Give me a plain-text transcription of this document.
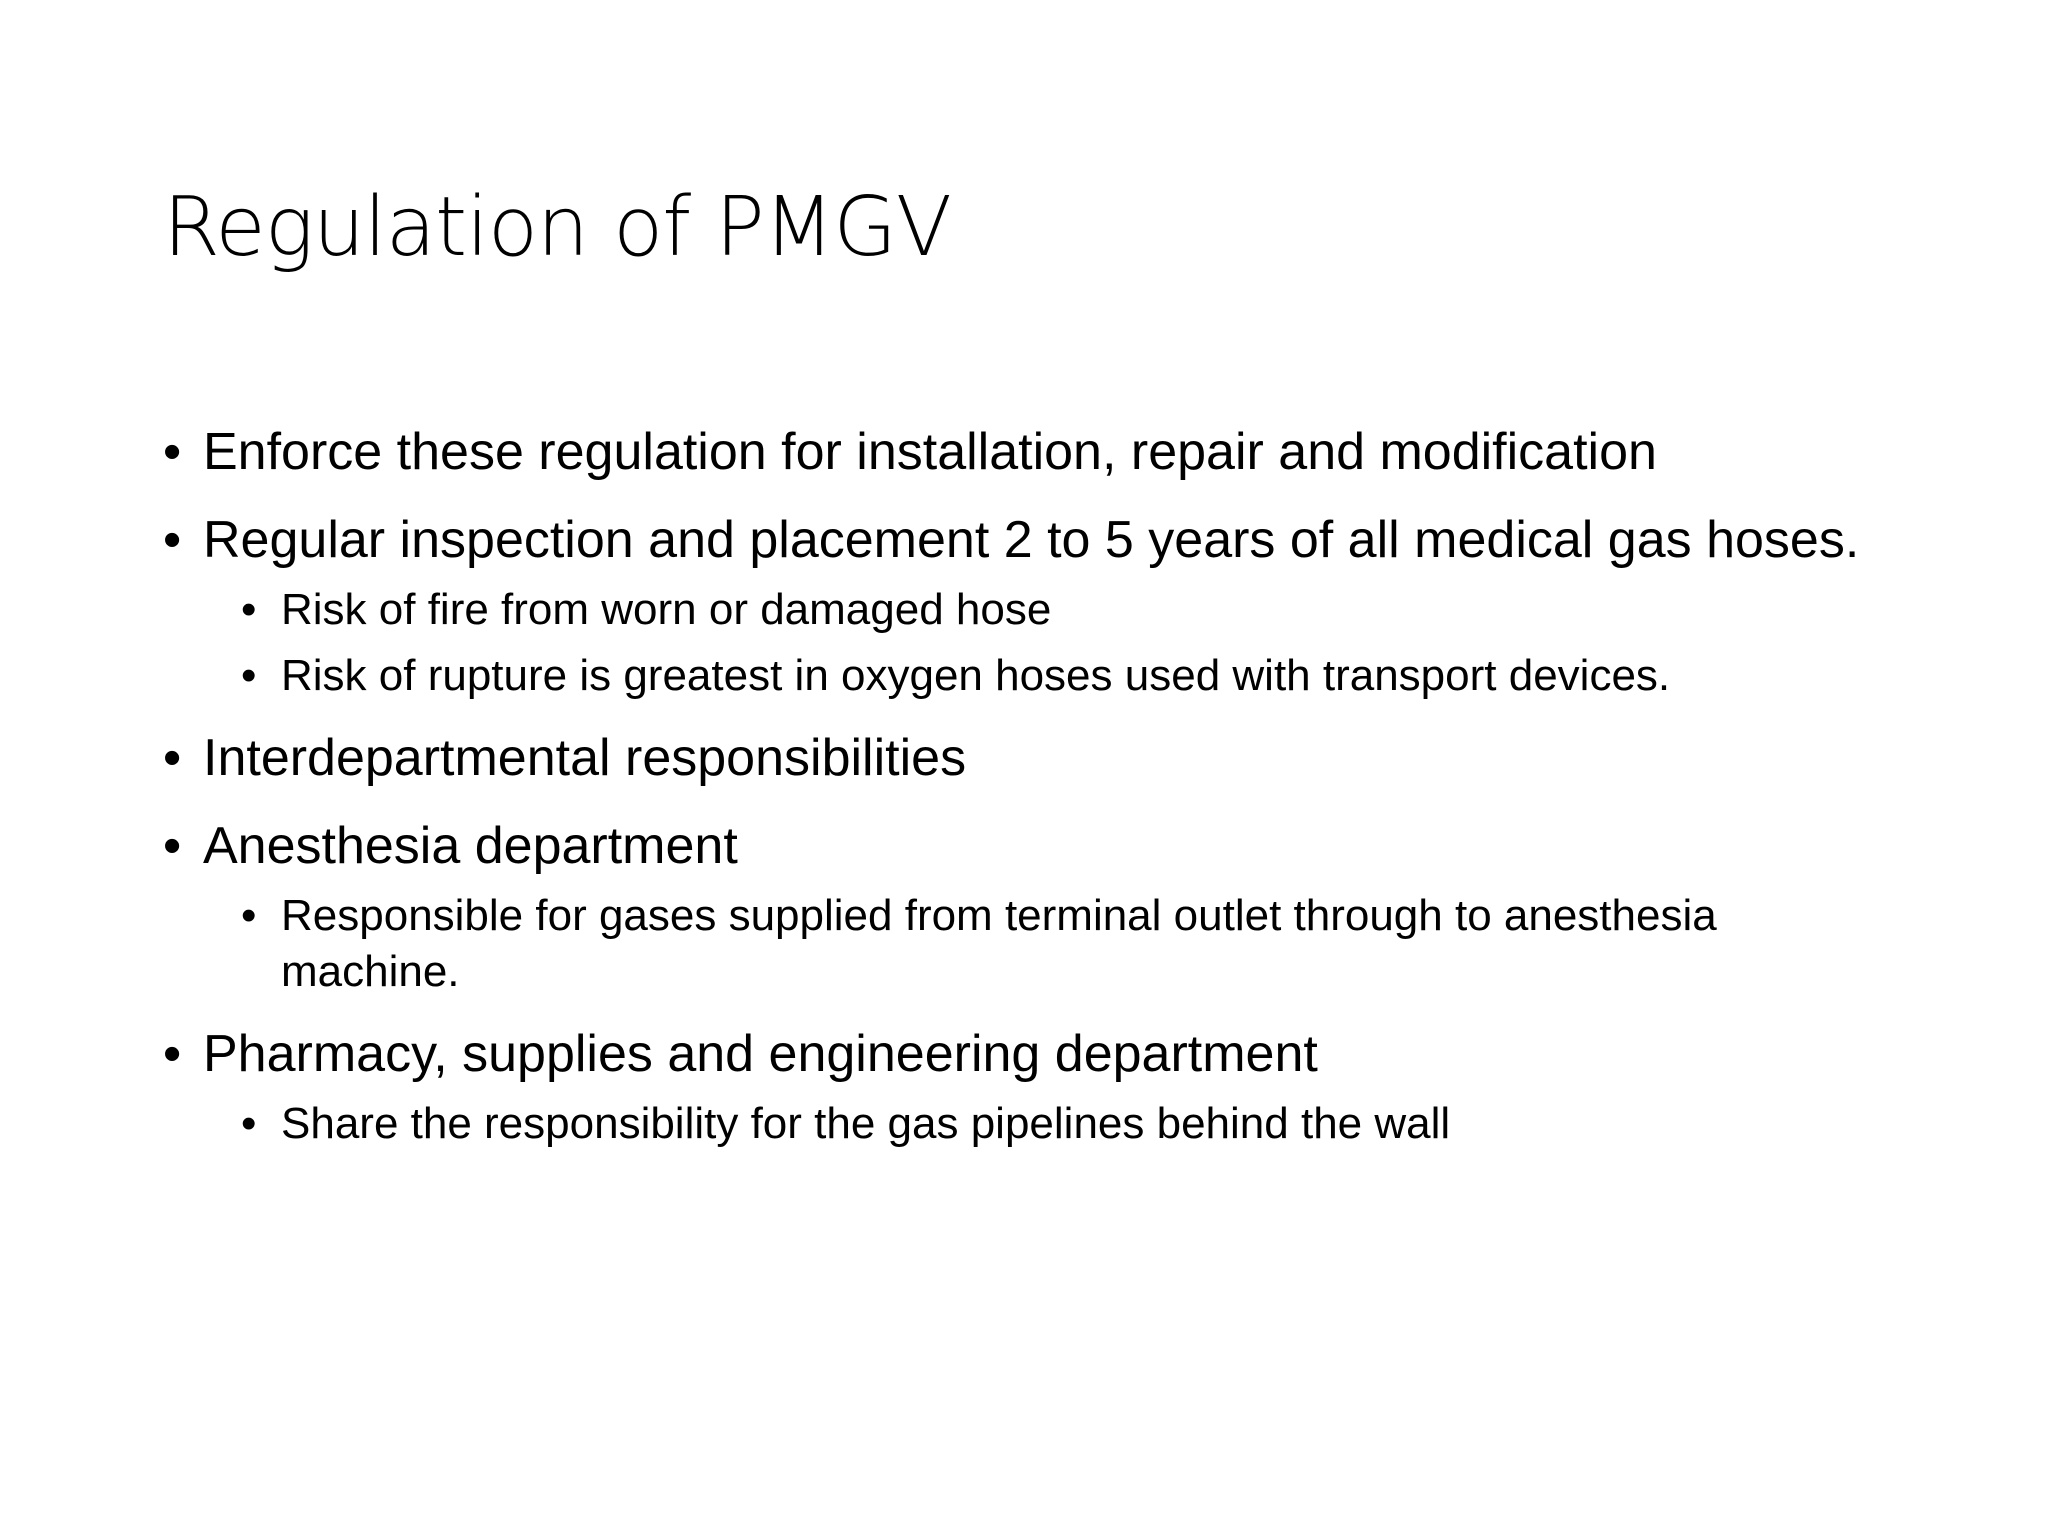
Regulation of PMGV
• Enforce these regulation for installation, repair and modification
• Regular inspection and placement 2 to 5 years of all medical gas hoses.
• Risk of fire from worn or damaged hose
• Risk of rupture is greatest in oxygen hoses used with transport devices.
• Interdepartmental responsibilities
• Anesthesia department
• Responsible for gases supplied from terminal outlet through to anesthesia machine.
• Pharmacy, supplies and engineering department
• Share the responsibility for the gas pipelines behind the wall
